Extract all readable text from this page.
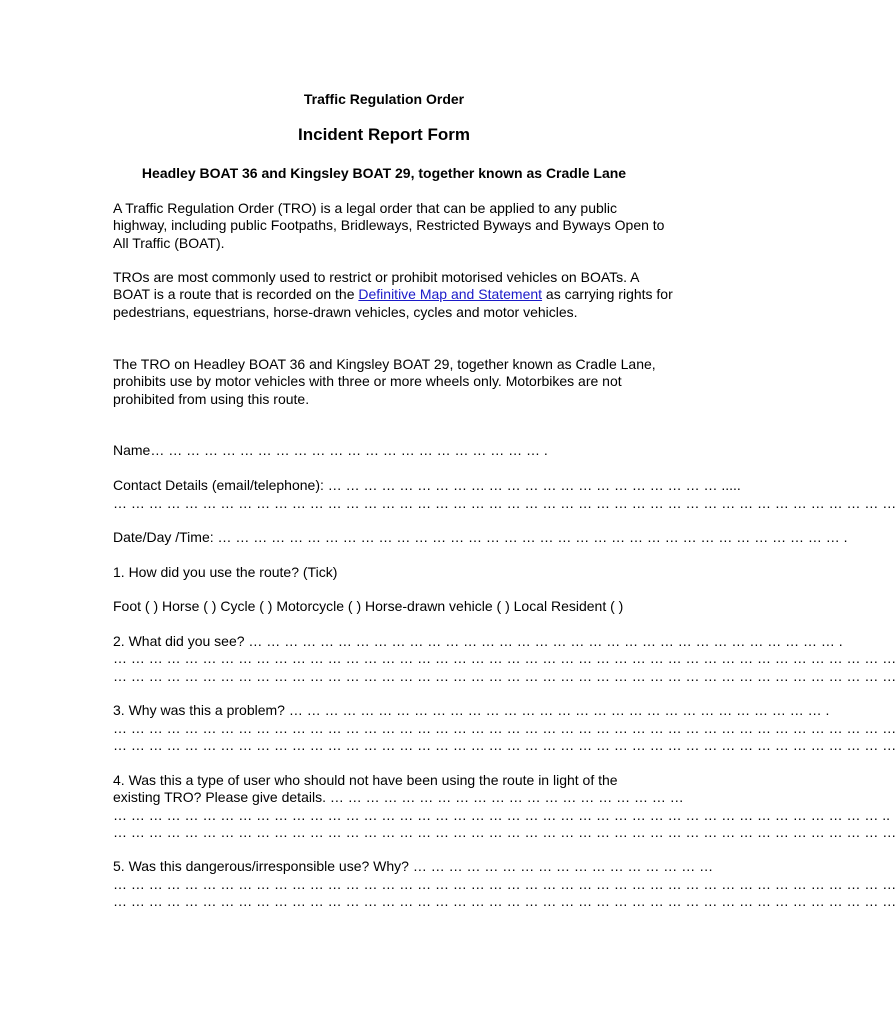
Traffic Regulation Order
Incident Report Form
Headley BOAT 36 and Kingsley BOAT 29, together known as Cradle Lane

A Traffic Regulation Order (TRO) is a legal order that can be applied to any public highway, including public Footpaths, Bridleways, Restricted Byways and Byways Open to All Traffic (BOAT).

TROs are most commonly used to restrict or prohibit motorised vehicles on BOATs. A BOAT is a route that is recorded on the Definitive Map and Statement as carrying rights for pedestrians, equestrians, horse-drawn vehicles, cycles and motor vehicles.

The TRO on Headley BOAT 36 and Kingsley BOAT 29, together known as Cradle Lane, prohibits use by motor vehicles with three or more wheels only. Motorbikes are not prohibited from using this route.

Name… … … … … … … … … … … … … … … … … … … … … … .
Contact Details (email/telephone): … … … … … … … … … … … … … … … … … … … … … … .....
… … … … … … … … … … … … … … … … … … … … … … … … … … … … … … … … … … … … … … … … … … … …
Date/Day /Time: … … … … … … … … … … … … … … … … … … … … … … … … … … … … … … … … … … … .
1. How did you use the route? (Tick)
Foot ( ) Horse ( ) Cycle ( ) Motorcycle ( ) Horse-drawn vehicle ( ) Local Resident ( )
2. What did you see? … … … … … … … … … … … … … … … … … … … … … … … … … … … … … … … … … .
… … … … … … … … … … … … … … … … … … … … … … … … … … … … … … … … … … … … … … … … … … … …
… … … … … … … … … … … … … … … … … … … … … … … … … … … … … … … … … … … … … … … … … … … …
3. Why was this a problem? … … … … … … … … … … … … … … … … … … … … … … … … … … … … … … .
… … … … … … … … … … … … … … … … … … … … … … … … … … … … … … … … … … … … … … … … … … … …
… … … … … … … … … … … … … … … … … … … … … … … … … … … … … … … … … … … … … … … … … … … …
4. Was this a type of user who should not have been using the route in light of the
existing TRO? Please give details. … … … … … … … … … … … … … … … … … … … …
… … … … … … … … … … … … … … … … … … … … … … … … … … … … … … … … … … … … … … … … … … … ..
… … … … … … … … … … … … … … … … … … … … … … … … … … … … … … … … … … … … … … … … … … … …
5. Was this dangerous/irresponsible use? Why? … … … … … … … … … … … … … … … … …
… … … … … … … … … … … … … … … … … … … … … … … … … … … … … … … … … … … … … … … … … … … …
… … … … … … … … … … … … … … … … … … … … … … … … … … … … … … … … … … … … … … … … … … … …
